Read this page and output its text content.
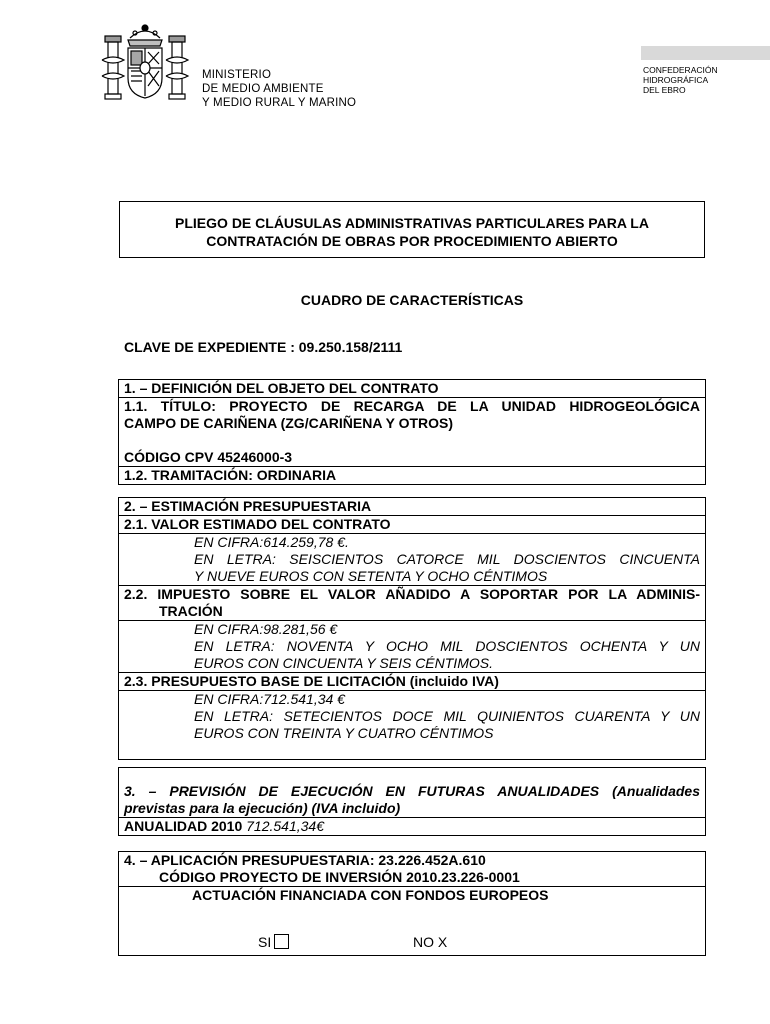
MINISTERIO
DE MEDIO AMBIENTE
Y MEDIO RURAL Y MARINO
CONFEDERACIÓN
HIDROGRÁFICA
DEL EBRO
PLIEGO DE CLÁUSULAS ADMINISTRATIVAS PARTICULARES PARA LA
CONTRATACIÓN DE OBRAS POR PROCEDIMIENTO ABIERTO
CUADRO DE CARACTERÍSTICAS
CLAVE DE EXPEDIENTE : 09.250.158/2111
1. – DEFINICIÓN DEL OBJETO DEL CONTRATO
1.1. TÍTULO: PROYECTO DE RECARGA DE LA UNIDAD HIDROGEOLÓGICA
CAMPO DE CARIÑENA (ZG/CARIÑENA Y OTROS)
CÓDIGO CPV 45246000-3
1.2. TRAMITACIÓN: ORDINARIA
2. – ESTIMACIÓN PRESUPUESTARIA
2.1. VALOR ESTIMADO DEL CONTRATO
EN CIFRA:614.259,78 €.
EN LETRA: SEISCIENTOS CATORCE MIL DOSCIENTOS CINCUENTA
Y NUEVE EUROS CON SETENTA Y OCHO CÉNTIMOS
2.2. IMPUESTO SOBRE EL VALOR AÑADIDO A SOPORTAR POR LA ADMINIS-
TRACIÓN
EN CIFRA:98.281,56 €
EN LETRA: NOVENTA Y OCHO MIL DOSCIENTOS OCHENTA Y UN
EUROS CON CINCUENTA Y SEIS CÉNTIMOS.
2.3. PRESUPUESTO BASE DE LICITACIÓN (incluido IVA)
EN CIFRA:712.541,34 €
EN LETRA: SETECIENTOS DOCE MIL QUINIENTOS CUARENTA Y UN
EUROS CON TREINTA Y CUATRO CÉNTIMOS
3. – PREVISIÓN DE EJECUCIÓN EN FUTURAS ANUALIDADES (Anualidades
previstas para la ejecución) (IVA incluido)
ANUALIDAD 2010 712.541,34€
4. – APLICACIÓN PRESUPUESTARIA: 23.226.452A.610
CÓDIGO PROYECTO DE INVERSIÓN 2010.23.226-0001
ACTUACIÓN FINANCIADA CON FONDOS EUROPEOS
SI	NO X
